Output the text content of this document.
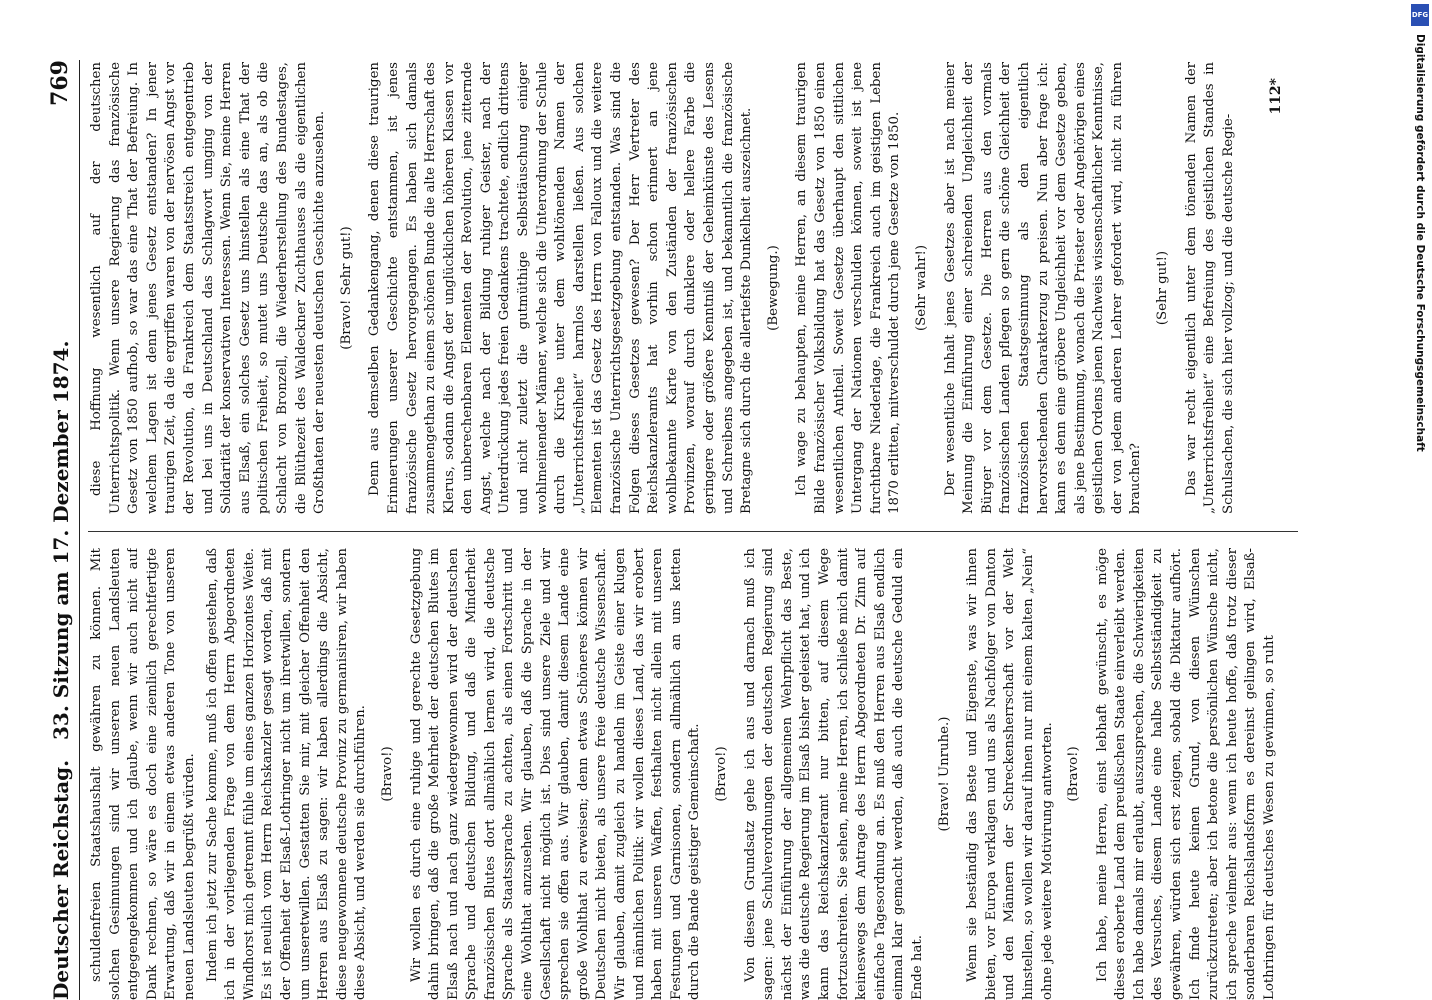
Deutscher Reichstag.
33. Sitzung am 17. Dezember 1874.
769

schuldenfreien Staatshaushalt gewähren zu können. Mit solchen Gesinnungen sind wir unseren neuen Landsleuten entgegengekommen und ich glaube, wenn wir auch nicht auf Dank rechnen, so wäre es doch eine ziemlich gerechtfertigte Erwartung, daß wir in einem etwas anderen Tone von unseren neuen Landsleuten begrüßt würden. Indem ich jetzt zur Sache komme, muß ich offen gestehen, daß ich in der vorliegenden Frage von dem Herrn Abgeordneten Windhorst mich getrennt fühle um eines ganzen Horizontes Weite. Es ist neulich vom Herrn Reichskanzler gesagt worden, daß mit der Offenheit der Elsaß-Lothringer nicht um ihretwillen, sondern um unseretwillen. Gestatten Sie mir, mit gleicher Offenheit den Herren aus Elsaß zu sagen: wir haben allerdings die Absicht, diese neugewonnene deutsche Provinz zu germanisiren, wir haben diese Absicht, und werden sie durchführen. (Bravo!) Wir wollen es durch eine ruhige und gerechte Gesetzgebung dahin bringen, daß die große Mehrheit der deutschen Blutes im Elsaß nach und nach ganz wiedergewonnen wird der deutschen Sprache und deutschen Bildung, und daß die Minderheit französischen Blutes dort allmählich lernen wird, die deutsche Sprache als Staatssprache zu achten, als einen Fortschritt und eine Wohlthat anzusehen. Wir glauben, daß die Sprache in der Gesellschaft nicht möglich ist. Dies sind unsere Ziele und wir sprechen sie offen aus. Wir glauben, damit diesem Lande eine große Wohlthat zu erweisen; denn etwas Schöneres können wir Deutschen nicht bieten, als unsere freie deutsche Wissenschaft. Wir glauben, damit zugleich zu handeln im Geiste einer klugen und männlichen Politik: wir wollen dieses Land, das wir erobert haben mit unseren Waffen, festhalten nicht allein mit unseren Festungen und Garnisonen, sondern allmählich an uns ketten durch die Bande geistiger Gemeinschaft. (Bravo!) Von diesem Grundsatz gehe ich aus und darnach muß ich sagen: jene Schulverordnungen der deutschen Regierung sind nächst der Einführung der allgemeinen Wehrpflicht das Beste, was die deutsche Regierung im Elsaß bisher geleistet hat, und ich kann das Reichskanzleramt nur bitten, auf diesem Wege fortzuschreiten. Sie sehen, meine Herren, ich schließe mich damit keineswegs dem Antrage des Herrn Abgeordneten Dr. Zinn auf einfache Tagesordnung an. Es muß den Herren aus Elsaß endlich einmal klar gemacht werden, daß auch die deutsche Geduld ein Ende hat.

(Bravo! Unruhe.) Wenn sie beständig das Beste und Eigenste, was wir ihnen bieten, vor Europa verklagen und uns als Nachfolger von Danton und den Männern der Schreckensherrschaft vor der Welt hinstellen, so wollen wir darauf ihnen nur mit einem kalten „Nein“ ohne jede weitere Motivirung antworten. (Bravo!) Ich habe, meine Herren, einst lebhaft gewünscht, es möge dieses eroberte Land dem preußischen Staate einverleibt werden. Ich habe damals mir erlaubt, auszusprechen, die Schwierigkeiten des Versuches, diesem Lande eine halbe Selbstständigkeit zu gewähren, würden sich erst zeigen, sobald die Diktatur aufhört. Ich finde heute keinen Grund, von diesen Wünschen zurückzutreten; aber ich betone die persönlichen Wünsche nicht, ich spreche vielmehr aus: wenn ich heute hoffe, daß trotz dieser sonderbaren Reichslandsform es dereinst gelingen wird, Elsaß-Lothringen für deutsches Wesen zu gewinnen, so ruht

diese Hoffnung wesentlich auf der deutschen Unterrichtspolitik. Wenn unsere Regierung das französische Gesetz von 1850 aufhob, so war das eine That der Befreiung. In welchem Lagen ist denn jenes Gesetz entstanden? In jener traurigen Zeit, da die ergriffen waren von der nervösen Angst vor der Revolution, da Frankreich dem Staatsstreich entgegentrieb und bei uns in Deutschland das Schlagwort umging von der Solidarität der konservativen Interessen. Wenn Sie, meine Herren aus Elsaß, ein solches Gesetz uns hinstellen als eine That der politischen Freiheit, so mutet uns Deutsche das an, als ob die Schlacht von Bronzell, die Wiederherstellung des Bundestages, die Blüthezeit des Waldeckner Zuchthauses als die eigentlichen Großthaten der neuesten deutschen Geschichte anzusehen. (Bravo! Sehr gut!) Denn aus demselben Gedankengang, denen diese traurigen Erinnerungen unserer Geschichte entstammen, ist jenes französische Gesetz hervorgegangen. Es haben sich damals zusammengethan zu einem schönen Bunde die alte Herrschaft des Klerus, sodann die Angst der unglücklichen höheren Klassen vor den unberechenbaren Elementen der Revolution, jene zitternde Angst, welche nach der Bildung ruhiger Geister, nach der Unterdrückung jedes freien Gedankens trachtete, endlich drittens und nicht zuletzt die gutmüthige Selbsttäuschung einiger wohlmeinender Männer, welche sich die Unterordnung der Schule durch die Kirche unter dem wohltönenden Namen der „Unterrichtsfreiheit“ harmlos darstellen ließen. Aus solchen Elementen ist das Gesetz des Herrn von Falloux und die weitere französische Unterrichtsgesetzgebung entstanden. Was sind die Folgen dieses Gesetzes gewesen? Der Herr Vertreter des Reichskanzleramts hat vorhin schon erinnert an jene wohlbekannte Karte von den Zuständen der französischen Provinzen, worauf durch dunklere oder hellere Farbe die geringere oder größere Kenntniß der Geheimkünste des Lesens und Schreibens angegeben ist, und bekanntlich die französische Bretagne sich durch die allertiefste Dunkelheit auszeichnet. (Bewegung.) Ich wage zu behaupten, meine Herren, an diesem traurigen Bilde französischer Volksbildung hat das Gesetz von 1850 einen wesentlichen Antheil. Soweit Gesetze überhaupt den sittlichen Untergang der Nationen verschulden können, soweit ist jene furchtbare Niederlage, die Frankreich auch im geistigen Leben 1870 erlitten, mitverschuldet durch jene Gesetze von 1850. (Sehr wahr!) Der wesentliche Inhalt jenes Gesetzes aber ist nach meiner Meinung die Einführung einer schreienden Ungleichheit der Bürger vor dem Gesetze. Die Herren aus den vormals französischen Landen pflegen so gern die schöne Gleichheit der französischen Staatsgesinnung als den eigentlich hervorstechenden Charakterzug zu preisen. Nun aber frage ich: kann es denn eine gröbere Ungleichheit vor dem Gesetze geben, als jene Bestimmung, wonach die Priester oder Angehörigen eines geistlichen Ordens jenen Nachweis wissenschaftlicher Kenntnisse, der von jedem anderen Lehrer gefordert wird, nicht zu führen brauchen?

(Sehr gut!) Das war recht eigentlich unter dem tönenden Namen der „Unterrichtsfreiheit“ eine Befreiung des geistlichen Standes in Schulsachen, die sich hier vollzog; und die deutsche Regie-

112*
DFG
Digitalisierung gefördert durch die Deutsche Forschungsgemeinschaft
